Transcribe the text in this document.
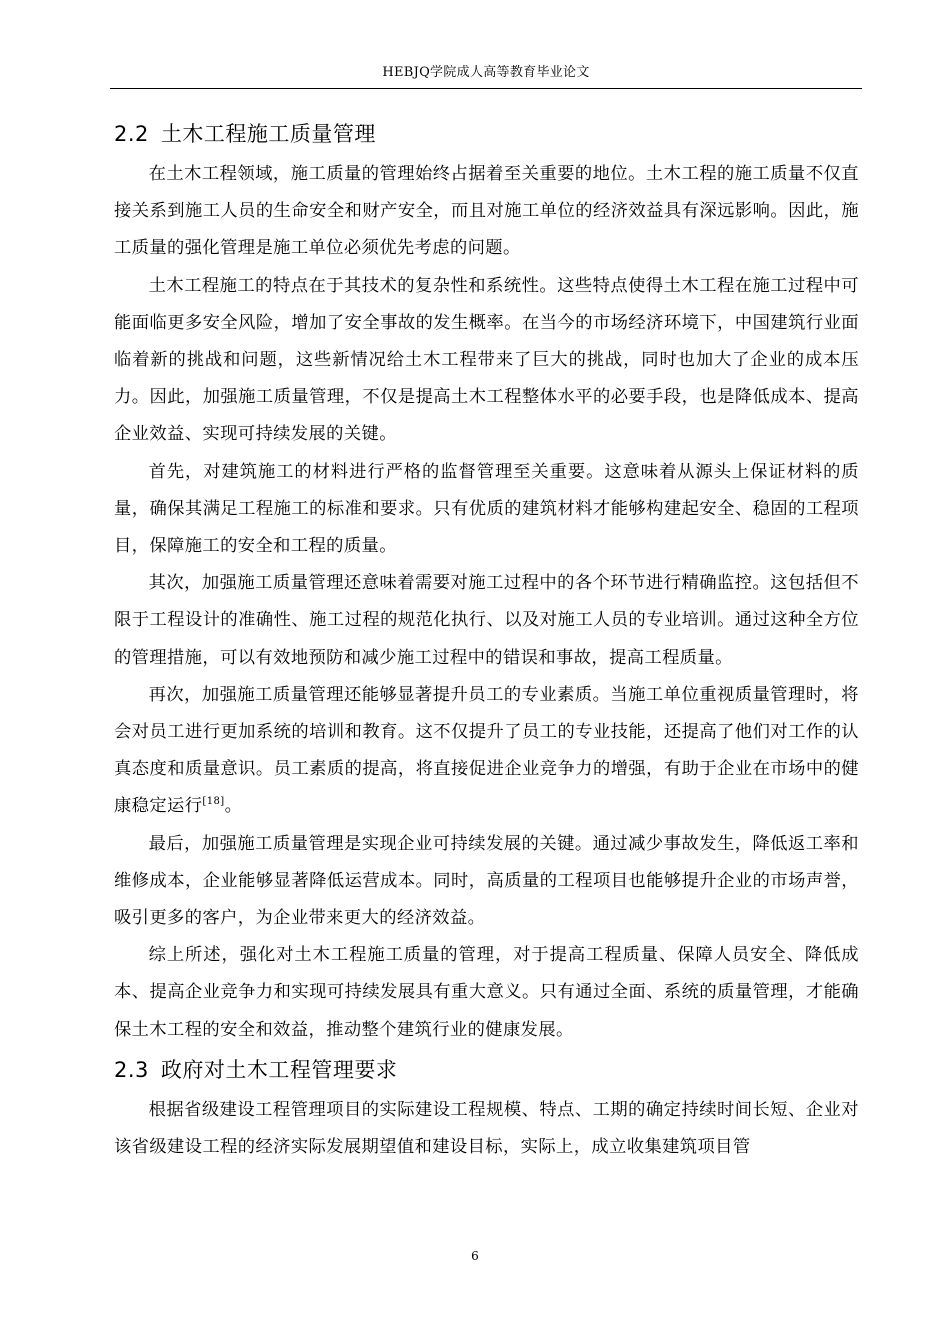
HEBJQ学院成人高等教育毕业论文
2.2 土木工程施工质量管理

在土木工程领域，施工质量的管理始终占据着至关重要的地位。土木工程的施工质量不仅直接关系到施工人员的生命安全和财产安全，而且对施工单位的经济效益具有深远影响。因此，施工质量的强化管理是施工单位必须优先考虑的问题。

土木工程施工的特点在于其技术的复杂性和系统性。这些特点使得土木工程在施工过程中可能面临更多安全风险，增加了安全事故的发生概率。在当今的市场经济环境下，中国建筑行业面临着新的挑战和问题，这些新情况给土木工程带来了巨大的挑战，同时也加大了企业的成本压力。因此，加强施工质量管理，不仅是提高土木工程整体水平的必要手段，也是降低成本、提高企业效益、实现可持续发展的关键。

首先，对建筑施工的材料进行严格的监督管理至关重要。这意味着从源头上保证材料的质量，确保其满足工程施工的标准和要求。只有优质的建筑材料才能够构建起安全、稳固的工程项目，保障施工的安全和工程的质量。

其次，加强施工质量管理还意味着需要对施工过程中的各个环节进行精确监控。这包括但不限于工程设计的准确性、施工过程的规范化执行、以及对施工人员的专业培训。通过这种全方位的管理措施，可以有效地预防和减少施工过程中的错误和事故，提高工程质量。

再次，加强施工质量管理还能够显著提升员工的专业素质。当施工单位重视质量管理时，将会对员工进行更加系统的培训和教育。这不仅提升了员工的专业技能，还提高了他们对工作的认真态度和质量意识。员工素质的提高，将直接促进企业竞争力的增强，有助于企业在市场中的健康稳定运行[18]。

最后，加强施工质量管理是实现企业可持续发展的关键。通过减少事故发生，降低返工率和维修成本，企业能够显著降低运营成本。同时，高质量的工程项目也能够提升企业的市场声誉，吸引更多的客户，为企业带来更大的经济效益。

综上所述，强化对土木工程施工质量的管理，对于提高工程质量、保障人员安全、降低成本、提高企业竞争力和实现可持续发展具有重大意义。只有通过全面、系统的质量管理，才能确保土木工程的安全和效益，推动整个建筑行业的健康发展。

2.3 政府对土木工程管理要求

根据省级建设工程管理项目的实际建设工程规模、特点、工期的确定持续时间长短、企业对该省级建设工程的经济实际发展期望值和建设目标，实际上，成立收集建筑项目管

6
